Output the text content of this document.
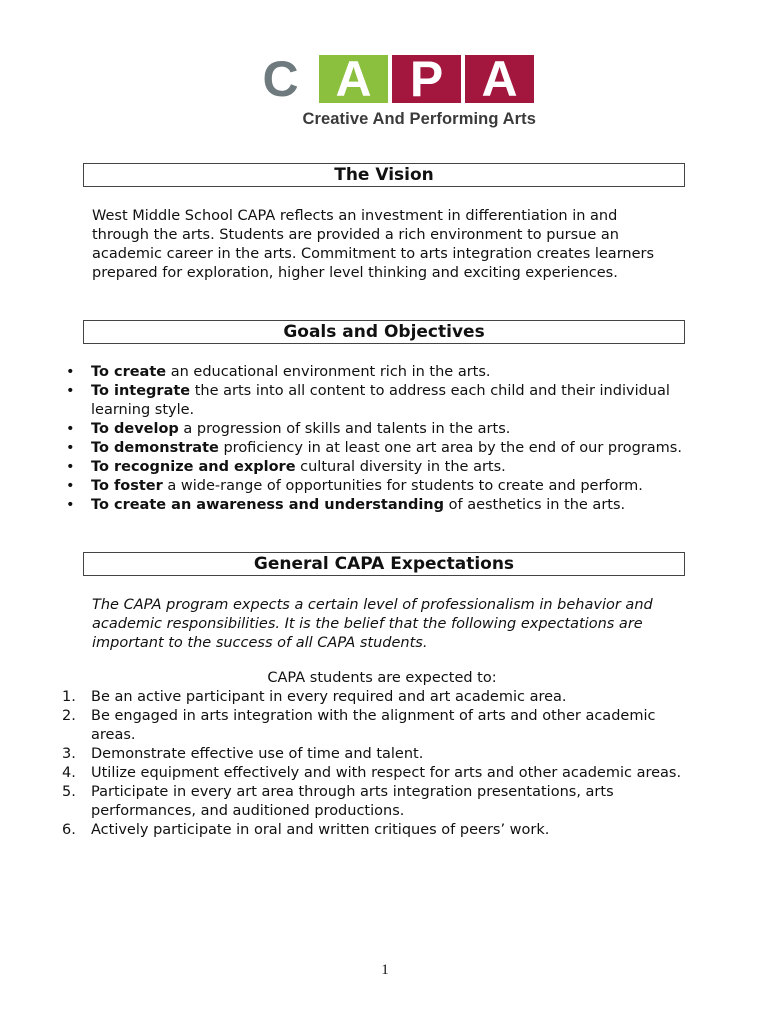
C A P A
Creative And Performing Arts
The Vision
West Middle School CAPA reflects an investment in differentiation in and through the arts. Students are provided a rich environment to pursue an academic career in the arts. Commitment to arts integration creates learners prepared for exploration, higher level thinking and exciting experiences.
Goals and Objectives
• To create an educational environment rich in the arts.
• To integrate the arts into all content to address each child and their individual learning style.
• To develop a progression of skills and talents in the arts.
• To demonstrate proficiency in at least one art area by the end of our programs.
• To recognize and explore cultural diversity in the arts.
• To foster a wide-range of opportunities for students to create and perform.
• To create an awareness and understanding of aesthetics in the arts.
General CAPA Expectations
The CAPA program expects a certain level of professionalism in behavior and academic responsibilities. It is the belief that the following expectations are important to the success of all CAPA students.
CAPA students are expected to:
1. Be an active participant in every required and art academic area.
2. Be engaged in arts integration with the alignment of arts and other academic areas.
3. Demonstrate effective use of time and talent.
4. Utilize equipment effectively and with respect for arts and other academic areas.
5. Participate in every art area through arts integration presentations, arts performances, and auditioned productions.
6. Actively participate in oral and written critiques of peers’ work.
1
